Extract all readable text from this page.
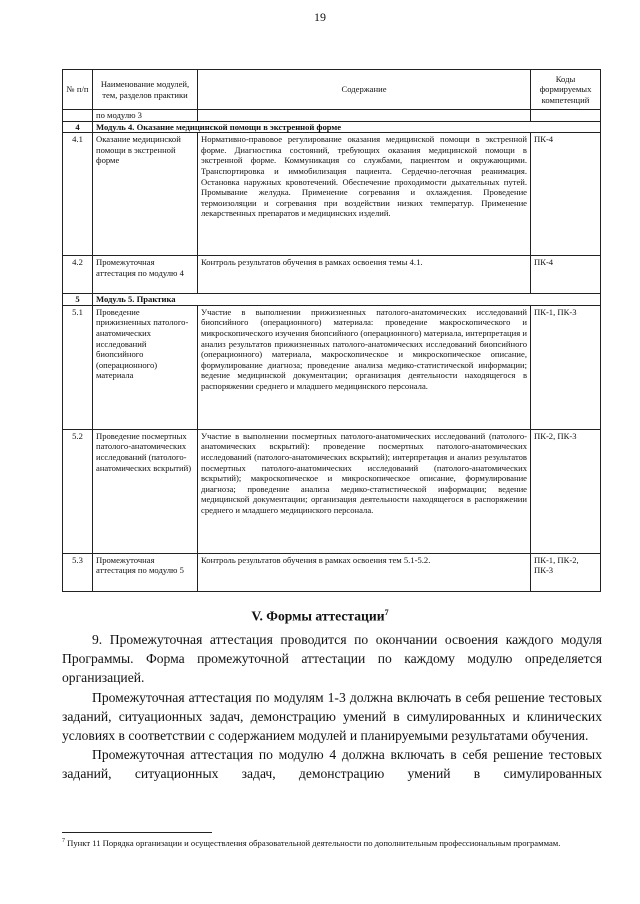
19
№ п/п	Наименование модулей, тем, разделов практики	Содержание	Коды формируемых компетенций
	по модулю 3		
4	Модуль 4. Оказание медицинской помощи в экстренной форме		
4.1	Оказание медицинской помощи в экстренной форме	Нормативно-правовое регулирование оказания медицинской помощи в экстренной форме. Диагностика состояний, требующих оказания медицинской помощи в экстренной форме. Коммуникация со службами, пациентом и окружающими. Транспортировка и иммобилизация пациента. Сердечно-легочная реанимация. Остановка наружных кровотечений. Обеспечение проходимости дыхательных путей. Промывание желудка. Применение согревания и охлаждения. Проведение термоизоляции и согревания при воздействии низких температур. Применение лекарственных препаратов и медицинских изделий.	ПК-4
4.2	Промежуточная аттестация по модулю 4	Контроль результатов обучения в рамках освоения темы 4.1.	ПК-4
5	Модуль 5. Практика		
5.1	Проведение прижизненных патолого-анатомических исследований биопсийного (операционного) материала	Участие в выполнении прижизненных патолого-анатомических исследований биопсийного (операционного) материала: проведение макроскопического и микроскопического изучения биопсийного (операционного) материала, интерпретация и анализ результатов прижизненных патолого-анатомических исследований биопсийного (операционного) материала, макроскопическое и микроскопическое описание, формулирование диагноза; проведение анализа медико-статистической информации; ведение медицинской документации; организация деятельности находящегося в распоряжении среднего и младшего медицинского персонала.	ПК-1, ПК-3
5.2	Проведение посмертных патолого-анатомических исследований (патолого-анатомических вскрытий)	Участие в выполнении посмертных патолого-анатомических исследований (патолого-анатомических вскрытий): проведение посмертных патолого-анатомических исследований (патолого-анатомических вскрытий); интерпретация и анализ результатов посмертных патолого-анатомических исследований (патолого-анатомических вскрытий); макроскопическое и микроскопическое описание, формулирование диагноза; проведение анализа медико-статистической информации; ведение медицинской документации; организация деятельности находящегося в распоряжении среднего и младшего медицинского персонала.	ПК-2, ПК-3
5.3	Промежуточная аттестация по модулю 5	Контроль результатов обучения в рамках освоения тем 5.1-5.2.	ПК-1, ПК-2, ПК-3
V. Формы аттестации$^7$

9. Промежуточная аттестация проводится по окончании освоения каждого модуля Программы. Форма промежуточной аттестации по каждому модулю определяется организацией.

Промежуточная аттестация по модулям 1-3 должна включать в себя решение тестовых заданий, ситуационных задач, демонстрацию умений в симулированных и клинических условиях в соответствии с содержанием модулей и планируемыми результатами обучения.

Промежуточная аттестация по модулю 4 должна включать в себя решение тестовых заданий, ситуационных задач, демонстрацию умений в симулированных

$^7$ Пункт 11 Порядка организации и осуществления образовательной деятельности по дополнительным профессиональным программам.
